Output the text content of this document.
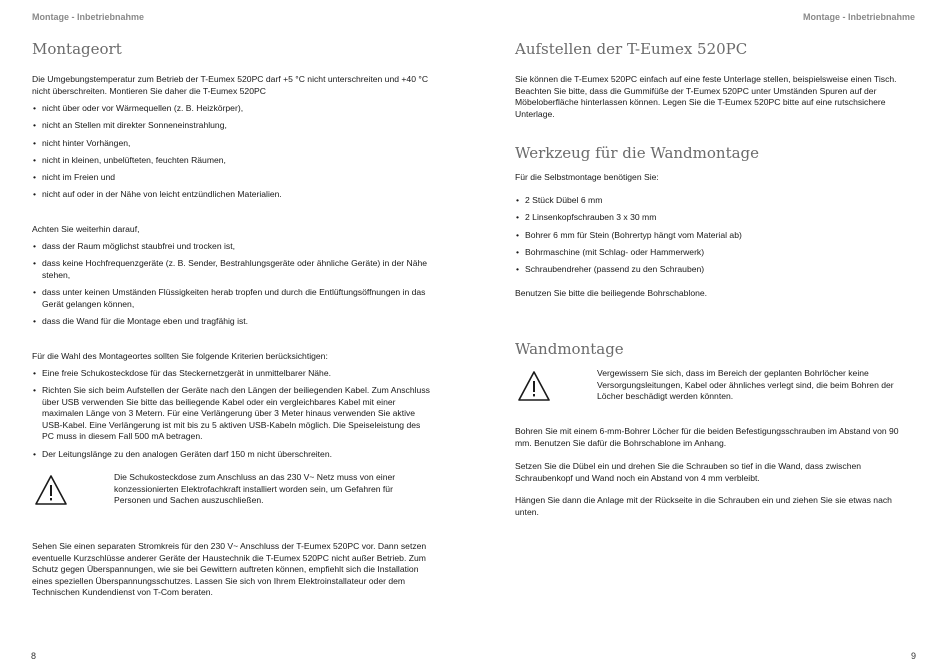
Montage - Inbetriebnahme
Montageort

Die Umgebungstemperatur zum Betrieb der T-Eumex 520PC darf +5 °C nicht unterschreiten und +40 °C nicht überschreiten. Montieren Sie daher die T-Eumex 520PC

• nicht über oder vor Wärmequellen (z. B. Heizkörper),
• nicht an Stellen mit direkter Sonneneinstrahlung,
• nicht hinter Vorhängen,
• nicht in kleinen, unbelüfteten, feuchten Räumen,
• nicht im Freien und
• nicht auf oder in der Nähe von leicht entzündlichen Materialien.

Achten Sie weiterhin darauf,

• dass der Raum möglichst staubfrei und trocken ist,
• dass keine Hochfrequenzgeräte (z. B. Sender, Bestrahlungsgeräte oder ähnliche Geräte) in der Nähe stehen,
• dass unter keinen Umständen Flüssigkeiten herab tropfen und durch die Entlüftungsöffnungen in das Gerät gelangen können,
• dass die Wand für die Montage eben und tragfähig ist.

Für die Wahl des Montageortes sollten Sie folgende Kriterien berücksichtigen:

• Eine freie Schukosteckdose für das Steckernetzgerät in unmittelbarer Nähe.
• Richten Sie sich beim Aufstellen der Geräte nach den Längen der beiliegenden Kabel. Zum Anschluss über USB verwenden Sie bitte das beiliegende Kabel oder ein vergleichbares Kabel mit einer maximalen Länge von 3 Metern. Für eine Verlängerung über 3 Meter hinaus verwenden Sie aktive USB-Kabel. Eine Verlängerung ist mit bis zu 5 aktiven USB-Kabeln möglich. Die Speiseleistung des PC muss in diesem Fall 500 mA betragen.
• Der Leitungslänge zu den analogen Geräten darf 150 m nicht überschreiten.

Die Schukosteckdose zum Anschluss an das 230 V~ Netz muss von einer konzessionierten Elektrofachkraft installiert worden sein, um Gefahren für Personen und Sachen auszuschließen.

Sehen Sie einen separaten Stromkreis für den 230 V~ Anschluss der T-Eumex 520PC vor. Dann setzen eventuelle Kurzschlüsse anderer Geräte der Haustechnik die T-Eumex 520PC nicht außer Betrieb. Zum Schutz gegen Überspannungen, wie sie bei Gewittern auftreten können, empfiehlt sich die Installation eines speziellen Überspannungsschutzes. Lassen Sie sich von Ihrem Elektroinstallateur oder dem Technischen Kundendienst von T-Com beraten.

8
Montage - Inbetriebnahme
Aufstellen der T-Eumex 520PC

Sie können die T-Eumex 520PC einfach auf eine feste Unterlage stellen, beispielsweise einen Tisch. Beachten Sie bitte, dass die Gummifüße der T-Eumex 520PC unter Umständen Spuren auf der Möbeloberfläche hinterlassen können. Legen Sie die T-Eumex 520PC bitte auf eine rutschsichere Unterlage.

Werkzeug für die Wandmontage

Für die Selbstmontage benötigen Sie:

• 2 Stück Dübel 6 mm
• 2 Linsenkopfschrauben 3 x 30 mm
• Bohrer 6 mm für Stein (Bohrertyp hängt vom Material ab)
• Bohrmaschine (mit Schlag- oder Hammerwerk)
• Schraubendreher (passend zu den Schrauben)

Benutzen Sie bitte die beiliegende Bohrschablone.

Wandmontage

Vergewissern Sie sich, dass im Bereich der geplanten Bohrlöcher keine Versorgungsleitungen, Kabel oder ähnliches verlegt sind, die beim Bohren der Löcher beschädigt werden könnten.

Bohren Sie mit einem 6-mm-Bohrer Löcher für die beiden Befestigungsschrauben im Abstand von 90 mm. Benutzen Sie dafür die Bohrschablone im Anhang.

Setzen Sie die Dübel ein und drehen Sie die Schrauben so tief in die Wand, dass zwischen Schraubenkopf und Wand noch ein Abstand von 4 mm verbleibt.

Hängen Sie dann die Anlage mit der Rückseite in die Schrauben ein und ziehen Sie sie etwas nach unten.

9
